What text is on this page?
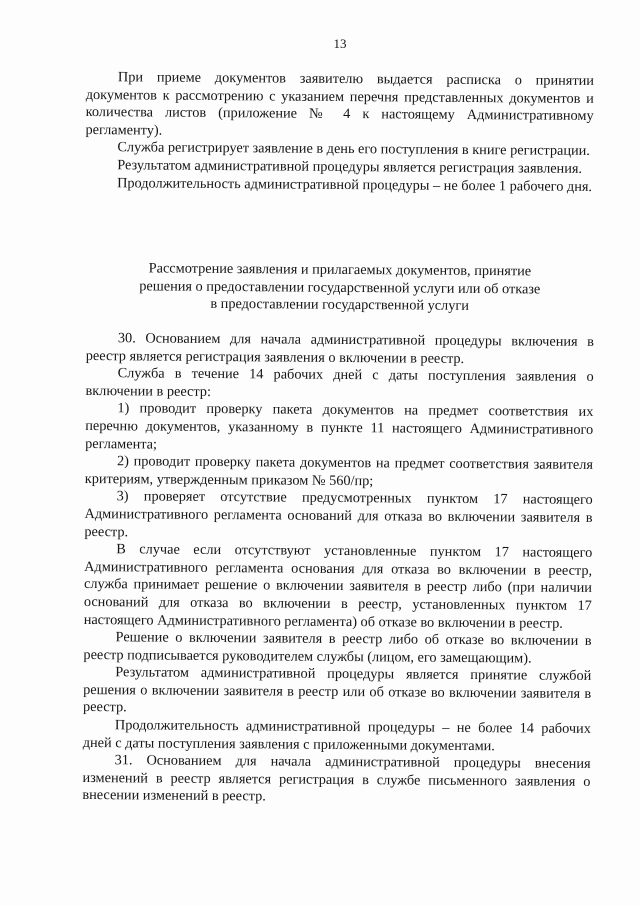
13

При приеме документов заявителю выдается расписка о принятии документов к рассмотрению с указанием перечня представленных документов и количества листов (приложение № 4 к настоящему Административному регламенту).

Служба регистрирует заявление в день его поступления в книге регистрации.

Результатом административной процедуры является регистрация заявления.

Продолжительность административной процедуры – не более 1 рабочего дня.

Рассмотрение заявления и прилагаемых документов, принятие
решения о предоставлении государственной услуги или об отказе
в предоставлении государственной услуги

30. Основанием для начала административной процедуры включения в реестр является регистрация заявления о включении в реестр.

Служба в течение 14 рабочих дней с даты поступления заявления о включении в реестр:

1) проводит проверку пакета документов на предмет соответствия их перечню документов, указанному в пункте 11 настоящего Административного регламента;

2) проводит проверку пакета документов на предмет соответствия заявителя критериям, утвержденным приказом № 560/пр;

3) проверяет отсутствие предусмотренных пунктом 17 настоящего Административного регламента оснований для отказа во включении заявителя в реестр.

В случае если отсутствуют установленные пунктом 17 настоящего Административного регламента основания для отказа во включении в реестр, служба принимает решение о включении заявителя в реестр либо (при наличии оснований для отказа во включении в реестр, установленных пунктом 17 настоящего Административного регламента) об отказе во включении в реестр.

Решение о включении заявителя в реестр либо об отказе во включении в реестр подписывается руководителем службы (лицом, его замещающим).

Результатом административной процедуры является принятие службой решения о включении заявителя в реестр или об отказе во включении заявителя в реестр.

Продолжительность административной процедуры – не более 14 рабочих дней с даты поступления заявления с приложенными документами.

31. Основанием для начала административной процедуры внесения изменений в реестр является регистрация в службе письменного заявления о внесении изменений в реестр.
